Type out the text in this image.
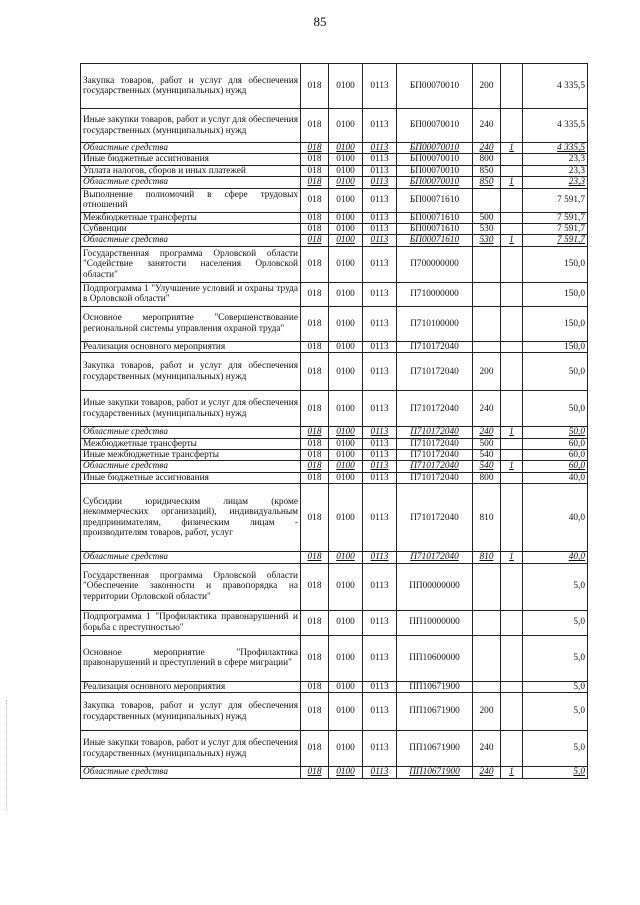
85
Закупка товаров, работ и услуг для обеспечения государственных (муниципальных) нужд	018	0100	0113	БП00070010	200		4 335,5
Иные закупки товаров, работ и услуг для обеспечения государственных (муниципальных) нужд	018	0100	0113	БП00070010	240		4 335,5
Областные средства	018	0100	0113	БП00070010	240	1	4 335,5
Иные бюджетные ассигнования	018	0100	0113	БП00070010	800		23,3
Уплата налогов, сборов и иных платежей	018	0100	0113	БП00070010	850		23,3
Областные средства	018	0100	0113	БП00070010	850	1	23,3
Выполнение полномочий в сфере трудовых отношений	018	0100	0113	БП00071610			7 591,7
Межбюджетные трансферты	018	0100	0113	БП00071610	500		7 591,7
Субвенции	018	0100	0113	БП00071610	530		7 591,7
Областные средства	018	0100	0113	БП00071610	530	1	7 591,7
Государственная программа Орловской области "Содействие занятости населения Орловской области"	018	0100	0113	П700000000			150,0
Подпрограмма 1 "Улучшение условий и охраны труда в Орловской области"	018	0100	0113	П710000000			150,0
Основное мероприятие "Совершенствование региональной системы управления охраной труда"	018	0100	0113	П710100000			150,0
Реализация основного мероприятия	018	0100	0113	П710172040			150,0
Закупка товаров, работ и услуг для обеспечения государственных (муниципальных) нужд	018	0100	0113	П710172040	200		50,0
Иные закупки товаров, работ и услуг для обеспечения государственных (муниципальных) нужд	018	0100	0113	П710172040	240		50,0
Областные средства	018	0100	0113	П710172040	240	1	50,0
Межбюджетные трансферты	018	0100	0113	П710172040	500		60,0
Иные межбюджетные трансферты	018	0100	0113	П710172040	540		60,0
Областные средства	018	0100	0113	П710172040	540	1	60,0
Иные бюджетные ассигнования	018	0100	0113	П710172040	800		40,0
Субсидии юридическим лицам (кроме некоммерческих организаций), индивидуальным предпринимателям, физическим лицам - производителям товаров, работ, услуг	018	0100	0113	П710172040	810		40,0
Областные средства	018	0100	0113	П710172040	810	1	40,0
Государственная программа Орловской области "Обеспечение законности и правопорядка на территории Орловской области"	018	0100	0113	ПП00000000			5,0
Подпрограмма 1 "Профилактика правонарушений и борьба с преступностью"	018	0100	0113	ПП10000000			5,0
Основное мероприятие "Профилактика правонарушений и преступлений в сфере миграции"	018	0100	0113	ПП10600000			5,0
Реализация основного мероприятия	018	0100	0113	ПП10671900			5,0
Закупка товаров, работ и услуг для обеспечения государственных (муниципальных) нужд	018	0100	0113	ПП10671900	200		5,0
Иные закупки товаров, работ и услуг для обеспечения государственных (муниципальных) нужд	018	0100	0113	ПП10671900	240		5,0
Областные средства	018	0100	0113	ПП10671900	240	1	5,0
